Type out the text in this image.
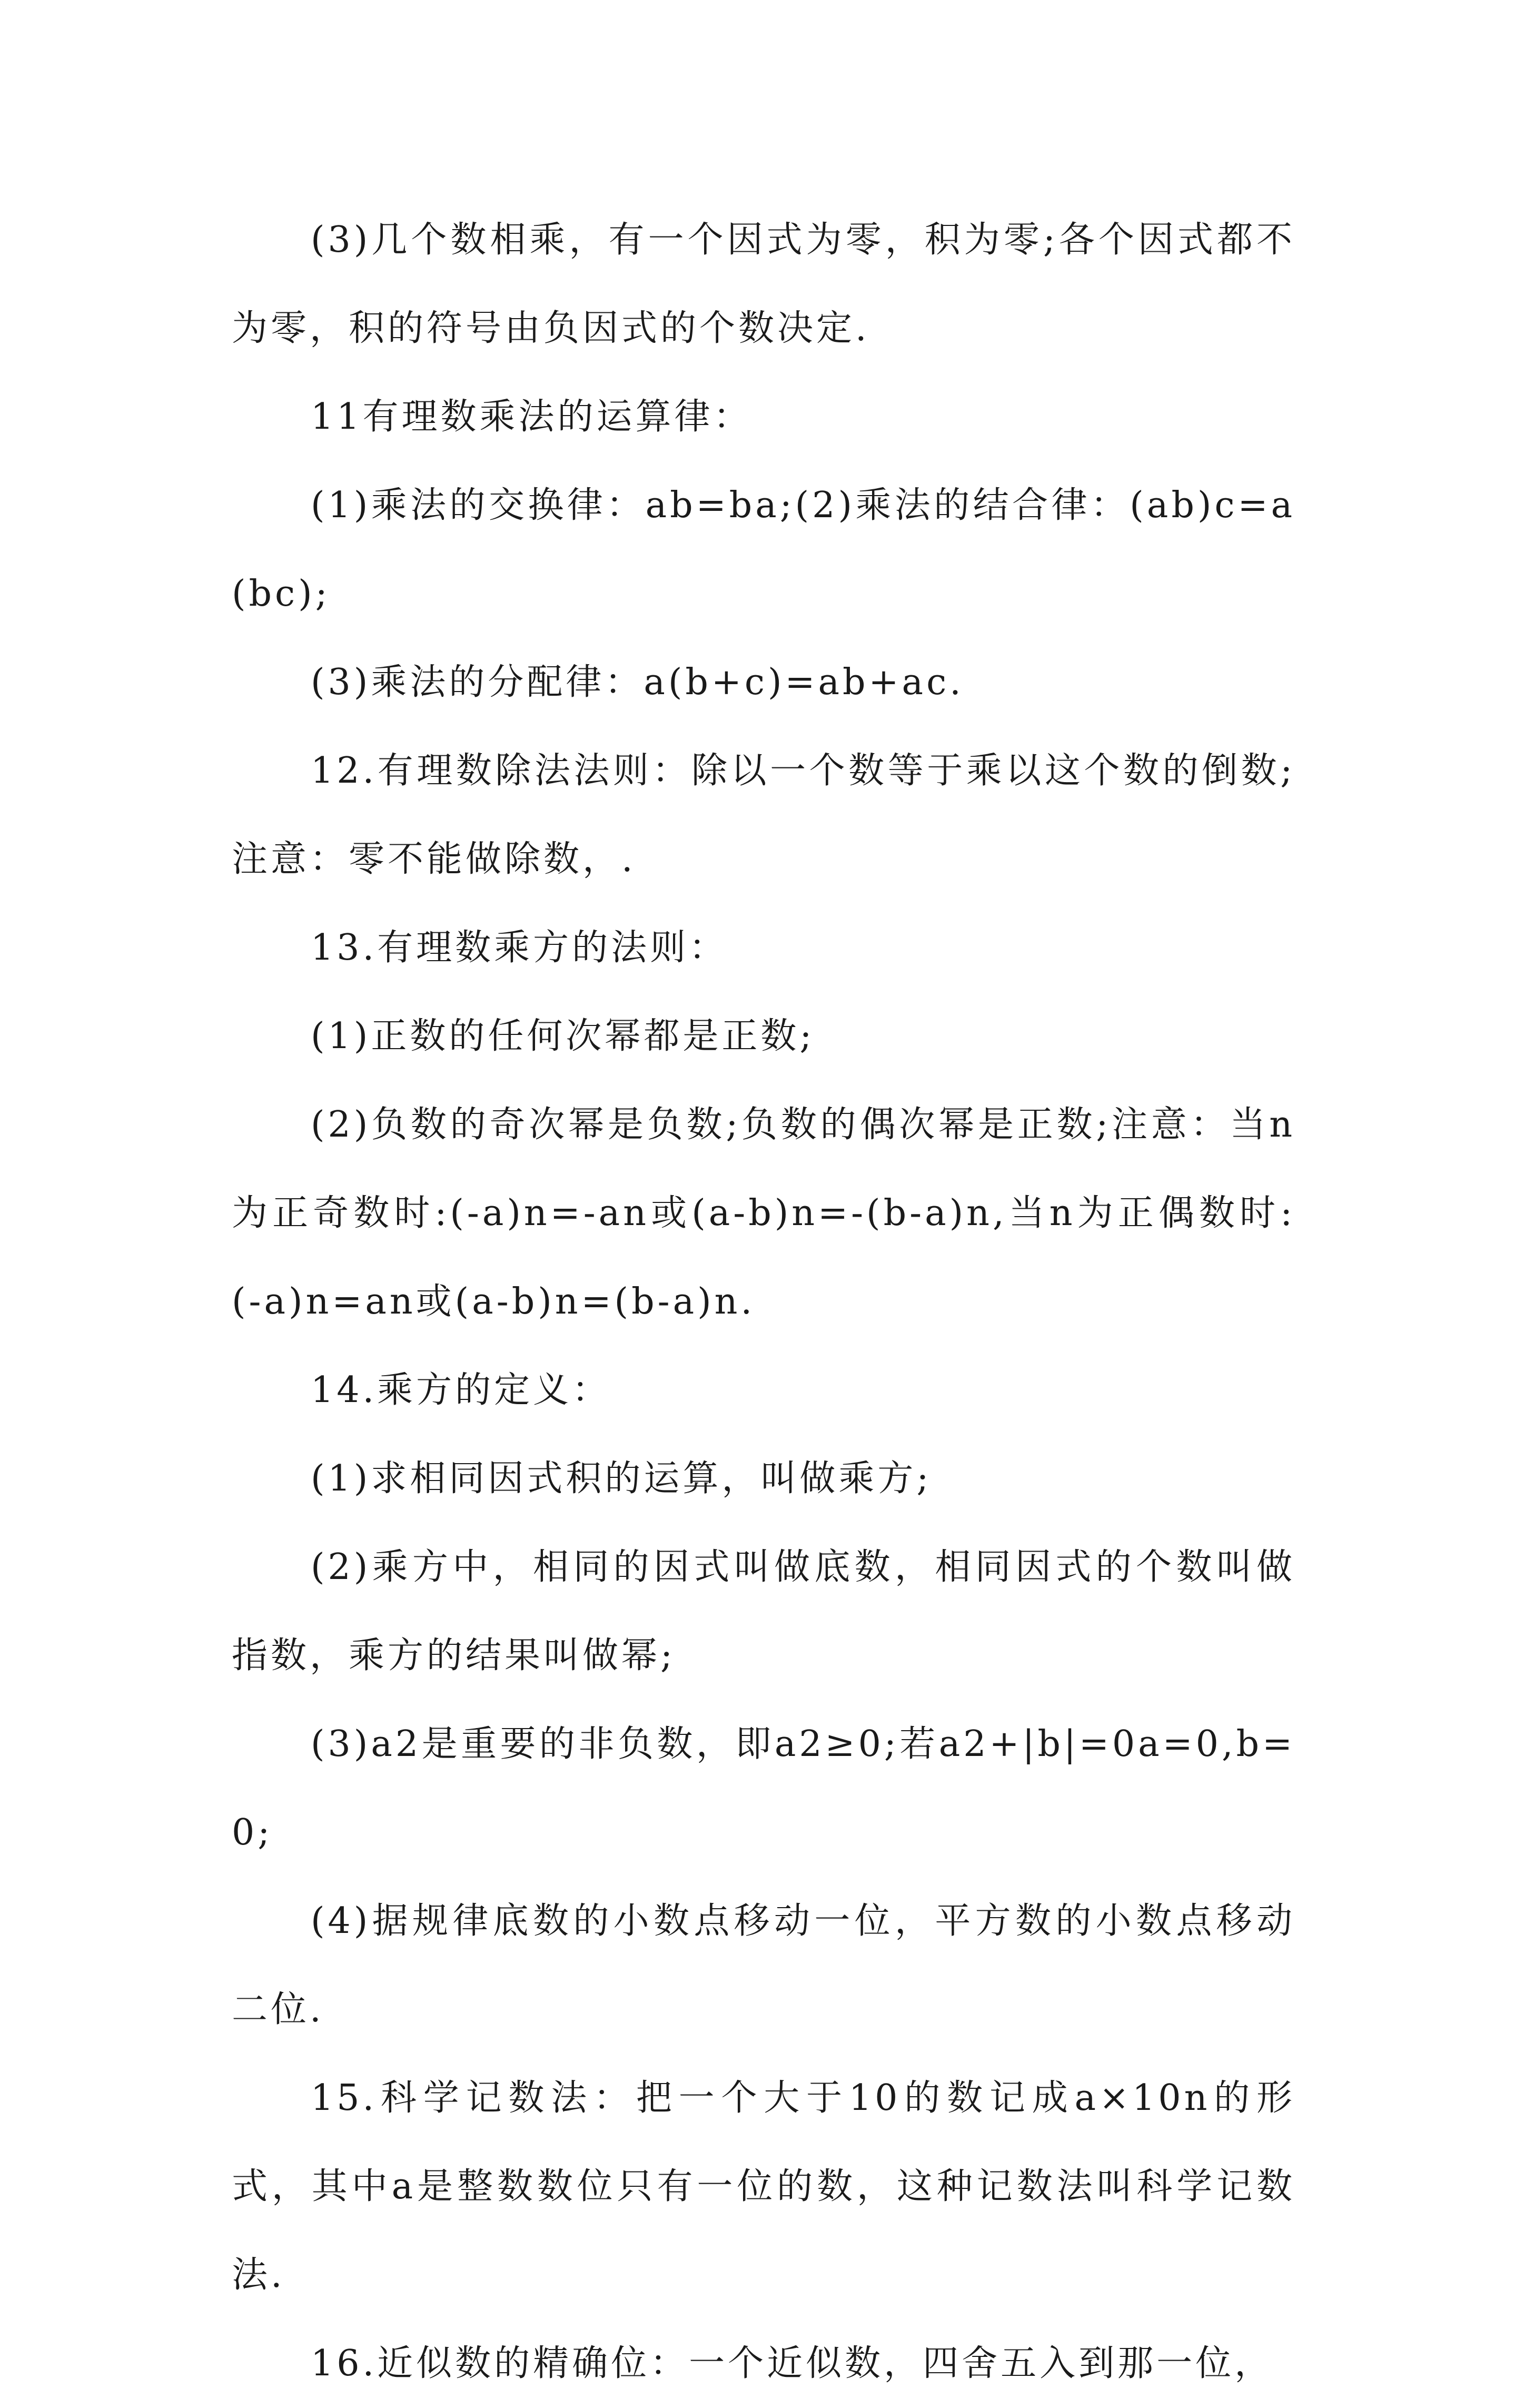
(3)几个数相乘，有一个因式为零，积为零;各个因式都不为零，积的符号由负因式的个数决定.

11有理数乘法的运算律：

(1)乘法的交换律：ab=ba;(2)乘法的结合律：(ab)c=a(bc);

(3)乘法的分配律：a(b+c)=ab+ac.

12.有理数除法法则：除以一个数等于乘以这个数的倒数;注意：零不能做除数，.

13.有理数乘方的法则：

(1)正数的任何次幂都是正数;

(2)负数的奇次幂是负数;负数的偶次幂是正数;注意：当n为正奇数时:(-a)n=-an或(a-b)n=-(b-a)n,当n为正偶数时:(-a)n=an或(a-b)n=(b-a)n.

14.乘方的定义：

(1)求相同因式积的运算，叫做乘方;

(2)乘方中，相同的因式叫做底数，相同因式的个数叫做指数，乘方的结果叫做幂;

(3)a2是重要的非负数，即a2≥0;若a2+|b|=0a=0,b=0;

(4)据规律底数的小数点移动一位，平方数的小数点移动二位.

15.科学记数法：把一个大于10的数记成a×10n的形式，其中a是整数数位只有一位的数，这种记数法叫科学记数法.

16.近似数的精确位：一个近似数，四舍五入到那一位，
